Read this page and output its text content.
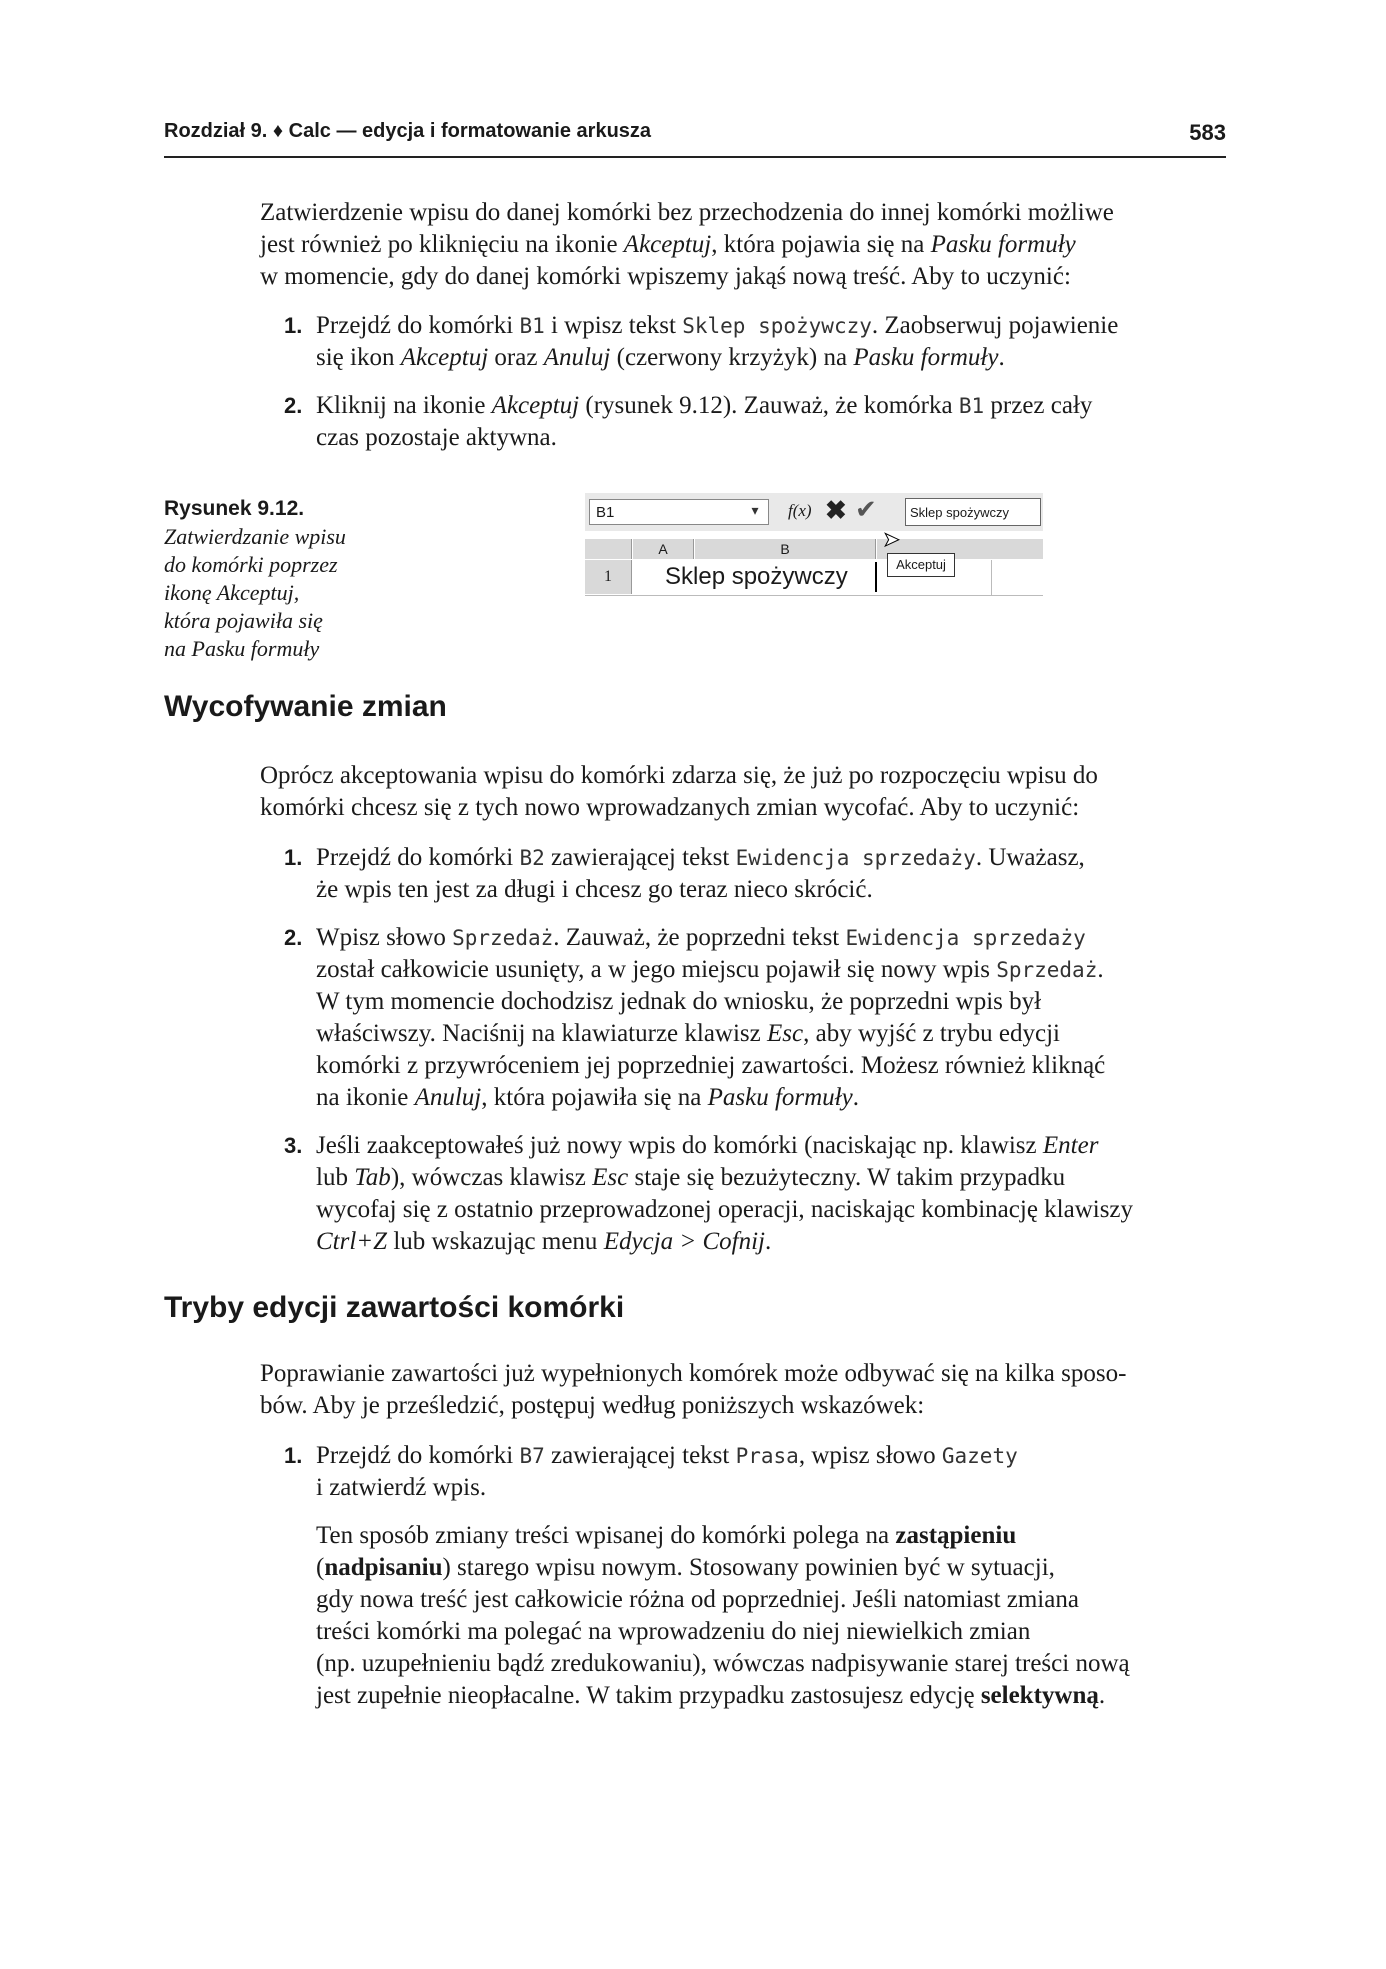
Rozdział 9. ♦ Calc — edycja i formatowanie arkusza	583
Zatwierdzenie wpisu do danej komórki bez przechodzenia do innej komórki możliwe
jest również po kliknięciu na ikonie Akceptuj, która pojawia się na Pasku formuły
w momencie, gdy do danej komórki wpiszemy jakąś nową treść. Aby to uczynić:
1. Przejdź do komórki B1 i wpisz tekst Sklep spożywczy. Zaobserwuj pojawienie
się ikon Akceptuj oraz Anuluj (czerwony krzyżyk) na Pasku formuły.
2. Kliknij na ikonie Akceptuj (rysunek 9.12). Zauważ, że komórka B1 przez cały
czas pozostaje aktywna.
Rysunek 9.12.
Zatwierdzanie wpisu
do komórki poprzez
ikonę Akceptuj,
która pojawiła się
na Pasku formuły
B1	▾	f(x) ✖ ✔	Sklep spożywczy
A	B
1	Sklep spożywczy
➤
Akceptuj
Wycofywanie zmian
Oprócz akceptowania wpisu do komórki zdarza się, że już po rozpoczęciu wpisu do
komórki chcesz się z tych nowo wprowadzanych zmian wycofać. Aby to uczynić:
1. Przejdź do komórki B2 zawierającej tekst Ewidencja sprzedaży. Uważasz,
że wpis ten jest za długi i chcesz go teraz nieco skrócić.
2. Wpisz słowo Sprzedaż. Zauważ, że poprzedni tekst Ewidencja sprzedaży
został całkowicie usunięty, a w jego miejscu pojawił się nowy wpis Sprzedaż.
W tym momencie dochodzisz jednak do wniosku, że poprzedni wpis był
właściwszy. Naciśnij na klawiaturze klawisz Esc, aby wyjść z trybu edycji
komórki z przywróceniem jej poprzedniej zawartości. Możesz również kliknąć
na ikonie Anuluj, która pojawiła się na Pasku formuły.
3. Jeśli zaakceptowałeś już nowy wpis do komórki (naciskając np. klawisz Enter
lub Tab), wówczas klawisz Esc staje się bezużyteczny. W takim przypadku
wycofaj się z ostatnio przeprowadzonej operacji, naciskając kombinację klawiszy
Ctrl+Z lub wskazując menu Edycja > Cofnij.
Tryby edycji zawartości komórki
Poprawianie zawartości już wypełnionych komórek może odbywać się na kilka sposo-
bów. Aby je prześledzić, postępuj według poniższych wskazówek:
1. Przejdź do komórki B7 zawierającej tekst Prasa, wpisz słowo Gazety
i zatwierdź wpis.
Ten sposób zmiany treści wpisanej do komórki polega na zastąpieniu
(nadpisaniu) starego wpisu nowym. Stosowany powinien być w sytuacji,
gdy nowa treść jest całkowicie różna od poprzedniej. Jeśli natomiast zmiana
treści komórki ma polegać na wprowadzeniu do niej niewielkich zmian
(np. uzupełnieniu bądź zredukowaniu), wówczas nadpisywanie starej treści nową
jest zupełnie nieopłacalne. W takim przypadku zastosujesz edycję selektywną.
